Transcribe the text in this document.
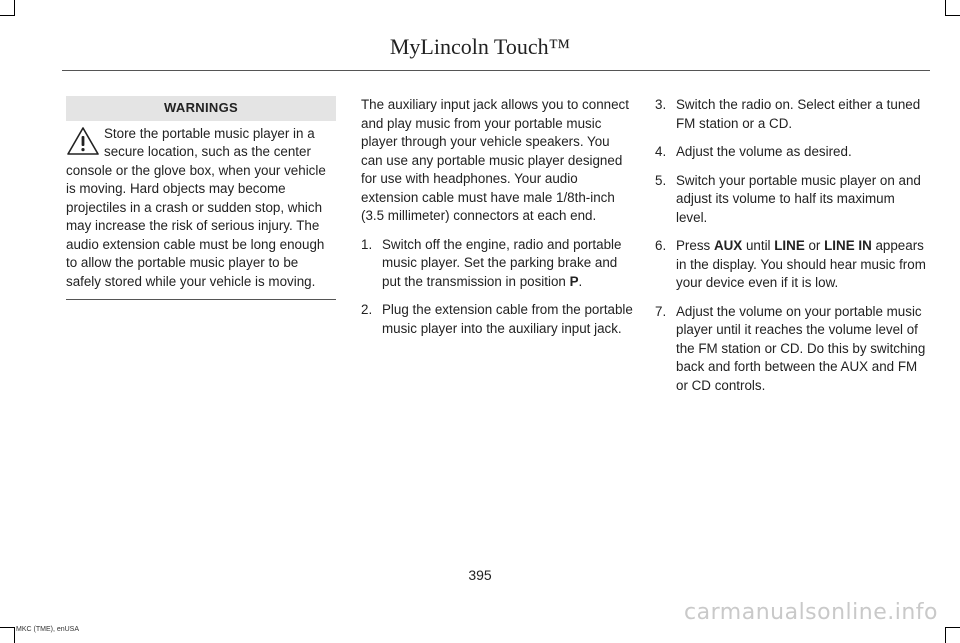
MyLincoln Touch™
WARNINGS
Store the portable music player in a secure location, such as the center console or the glove box, when your vehicle is moving. Hard objects may become projectiles in a crash or sudden stop, which may increase the risk of serious injury. The audio extension cable must be long enough to allow the portable music player to be safely stored while your vehicle is moving.

The auxiliary input jack allows you to connect and play music from your portable music player through your vehicle speakers. You can use any portable music player designed for use with headphones. Your audio extension cable must have male 1/8th-inch (3.5 millimeter) connectors at each end.

1. Switch off the engine, radio and portable music player. Set the parking brake and put the transmission in position P.
2. Plug the extension cable from the portable music player into the auxiliary input jack.
3. Switch the radio on. Select either a tuned FM station or a CD.
4. Adjust the volume as desired.
5. Switch your portable music player on and adjust its volume to half its maximum level.
6. Press AUX until LINE or LINE IN appears in the display. You should hear music from your device even if it is low.
7. Adjust the volume on your portable music player until it reaches the volume level of the FM station or CD. Do this by switching back and forth between the AUX and FM or CD controls.
395
MKC (TME), enUSA
carmanualsonline.info
